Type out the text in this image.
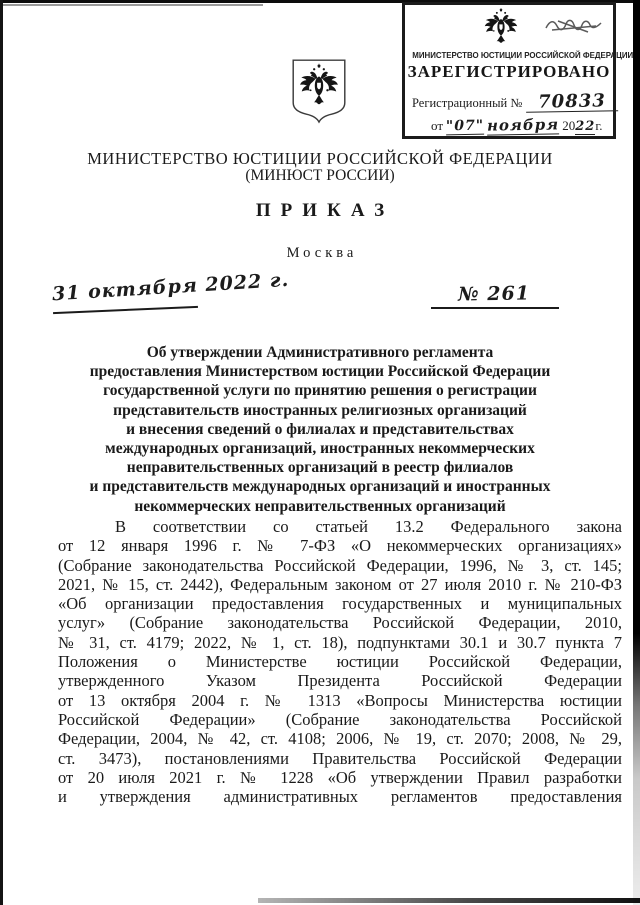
МИНИСТЕРСТВО ЮСТИЦИИ РОССИЙСКОЙ ФЕДЕРАЦИИ
ЗАРЕГИСТРИРОВАНО
Регистрационный № 70833
от "07" ноября 20 22 г.
МИНИСТЕРСТВО ЮСТИЦИИ РОССИЙСКОЙ ФЕДЕРАЦИИ
(МИНЮСТ РОССИИ)
ПРИКАЗ
Москва
31 октября 2022 г.	№ 261
Об утверждении Административного регламента
предоставления Министерством юстиции Российской Федерации
государственной услуги по принятию решения о регистрации
представительств иностранных религиозных организаций
и внесения сведений о филиалах и представительствах
международных организаций, иностранных некоммерческих
неправительственных организаций в реестр филиалов
и представительств международных организаций и иностранных
некоммерческих неправительственных организаций
В соответствии со статьей 13.2 Федерального закона
от 12 января 1996 г. № 7-ФЗ «О некоммерческих организациях»
(Собрание законодательства Российской Федерации, 1996, № 3, ст. 145;
2021, № 15, ст. 2442), Федеральным законом от 27 июля 2010 г. № 210-ФЗ
«Об организации предоставления государственных и муниципальных
услуг» (Собрание законодательства Российской Федерации, 2010,
№ 31, ст. 4179; 2022, № 1, ст. 18), подпунктами 30.1 и 30.7 пункта 7
Положения о Министерстве юстиции Российской Федерации,
утвержденного Указом Президента Российской Федерации
от 13 октября 2004 г. № 1313 «Вопросы Министерства юстиции
Российской Федерации» (Собрание законодательства Российской
Федерации, 2004, № 42, ст. 4108; 2006, № 19, ст. 2070; 2008, № 29,
ст. 3473), постановлениями Правительства Российской Федерации
от 20 июля 2021 г. № 1228 «Об утверждении Правил разработки
и утверждения административных регламентов предоставления
